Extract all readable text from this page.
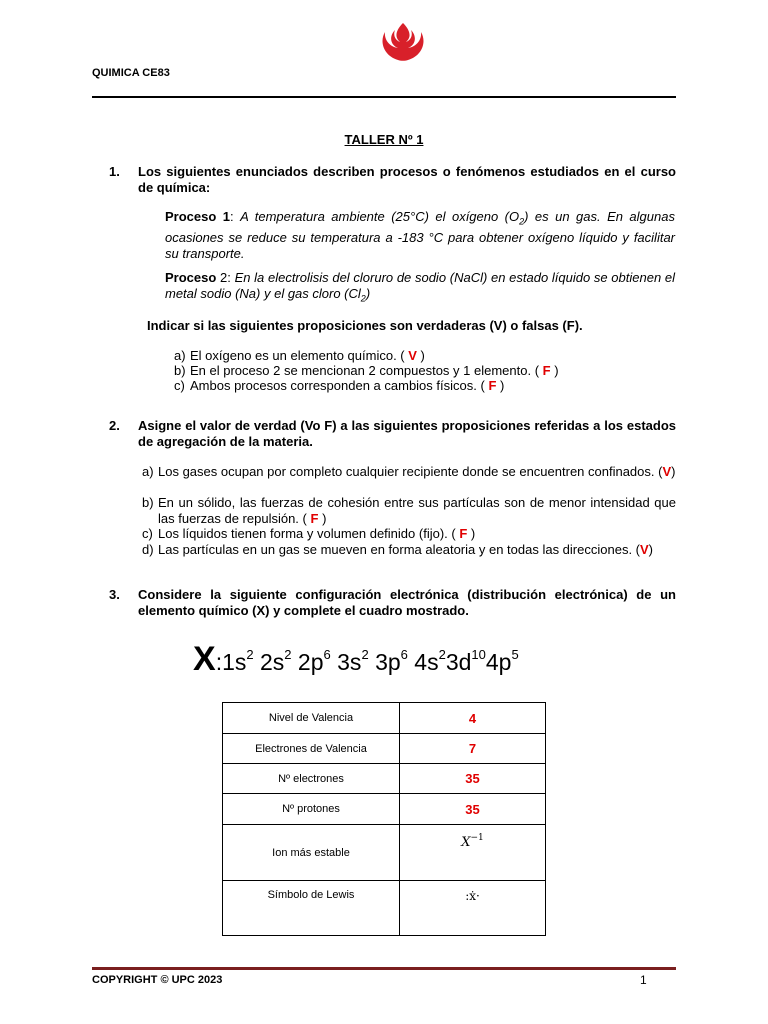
QUIMICA CE83
TALLER Nº 1
1.	Los siguientes enunciados describen procesos o fenómenos estudiados en el curso de química:
Proceso 1: A temperatura ambiente (25°C) el oxígeno $(O_2)$ es un gas. En algunas ocasiones se reduce su temperatura a -183 °C para obtener oxígeno líquido y facilitar su transporte.
Proceso 2: En la electrolisis del cloruro de sodio (NaCl) en estado líquido se obtienen el metal sodio (Na) y el gas cloro $(Cl_2)$
Indicar si las siguientes proposiciones son verdaderas (V) o falsas (F).
a) El oxígeno es un elemento químico. ( V )
b) En el proceso 2 se mencionan 2 compuestos y 1 elemento. ( F )
c) Ambos procesos corresponden a cambios físicos. ( F )
2.	Asigne el valor de verdad (Vo F) a las siguientes proposiciones referidas a los estados de agregación de la materia.
a) Los gases ocupan por completo cualquier recipiente donde se encuentren confinados. (V)
b) En un sólido, las fuerzas de cohesión entre sus partículas son de menor intensidad que las fuerzas de repulsión. ( F )
c) Los líquidos tienen forma y volumen definido (fijo). ( F )
d) Las partículas en un gas se mueven en forma aleatoria y en todas las direcciones. (V)
3.	Considere la siguiente configuración electrónica (distribución electrónica) de un elemento químico (X) y complete el cuadro mostrado.
$X:1s^2$ $2s^2$ $2p^6$ $3s^2$ $3p^6$ $4s^23d^{10}4p^5$
Nivel de Valencia	4
Electrones de Valencia	7
Nº electrones	35
Nº protones	35
Ion más estable	$X^{-1}$
Símbolo de Lewis	:ẋ·
COPYRIGHT © UPC 2023	1
